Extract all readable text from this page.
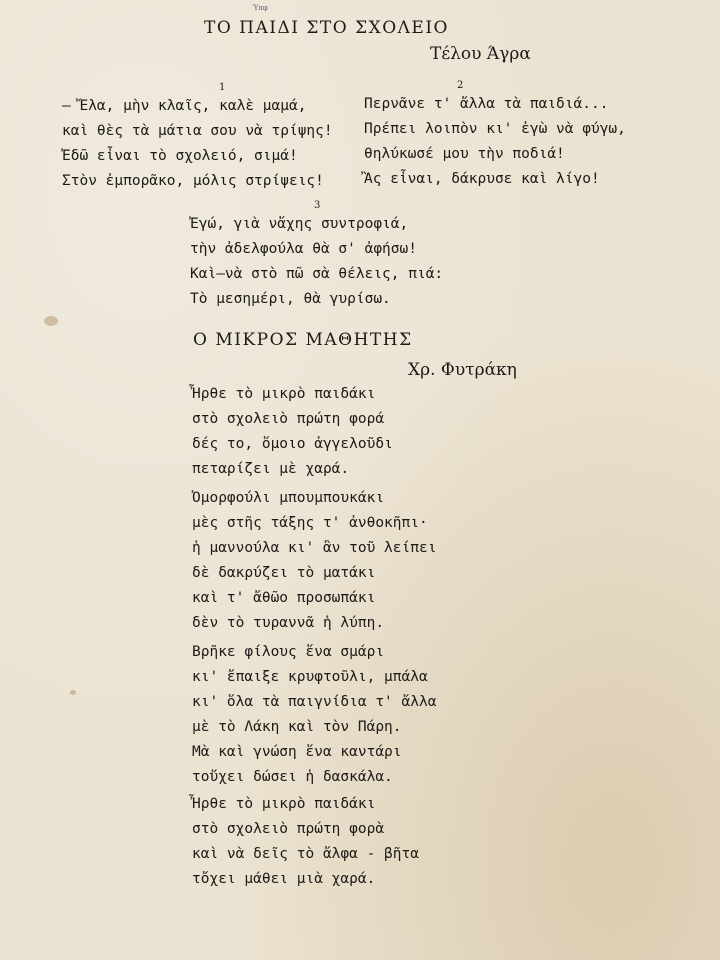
Ύπφ
ΤΟ ΠΑΙΔΙ ΣΤΟ ΣΧΟΛΕΙΟ
Τέλου Άγρα
1	2
— Ἔλα, μὴν κλαῖς, καλὲ μαμά,
καὶ θὲς τὰ μάτια σου νὰ τρίψης!
Ἐδῶ εἶναι τὸ σχολειό, σιμά!
Στὸν ἐμπορᾶκο, μόλις στρίψεις!
Περνᾶνε τ' ἄλλα τὰ παιδιά...
Πρέπει λοιπὸν κι' ἐγὼ νὰ φύγω,
θηλύκωσέ μου τὴν ποδιά!
Ἂς εἶναι, δάκρυσε καὶ λίγο!
3
Ἐγώ, γιὰ νἄχης συντροφιά,
τὴν ἀδελφούλα θὰ σ' ἀφήσω!
Καὶ—νὰ στὸ πῶ σὰ θέλεις, πιά:
Τὸ μεσημέρι, θὰ γυρίσω.
Ο ΜΙΚΡΟΣ ΜΑΘΗΤΗΣ
Χρ. Φυτράκη
Ἦρθε τὸ μικρὸ παιδάκι
στὸ σχολειὸ πρώτη φορά
δές το, ὅμοιο ἀγγελοῦδι
πεταρίζει μὲ χαρά.
Ὀμορφούλι μπουμπουκάκι
μὲς στῆς τάξης τ' ἀνθοκῆπι·
ἡ μαννούλα κι' ἂν τοῦ λείπει
δὲ δακρύζει τὸ ματάκι
καὶ τ' ἄθῶο προσωπάκι
δὲν τὸ τυραννᾶ ἡ λύπη.
Βρῆκε φίλους ἕνα σμάρι
κι' ἔπαιξε κρυφτοῦλι, μπάλα
κι' ὅλα τὰ παιγνίδια τ' ἄλλα
μὲ τὸ Λάκη καὶ τὸν Πάρη.
Μὰ καὶ γνώση ἕνα καντάρι
τοὔχει δώσει ἡ δασκάλα.
Ἦρθε τὸ μικρὸ παιδάκι
στὸ σχολειὸ πρώτη φορὰ
καὶ νὰ δεῖς τὸ ἄλφα - βῆτα
τὄχει μάθει μιὰ χαρά.
